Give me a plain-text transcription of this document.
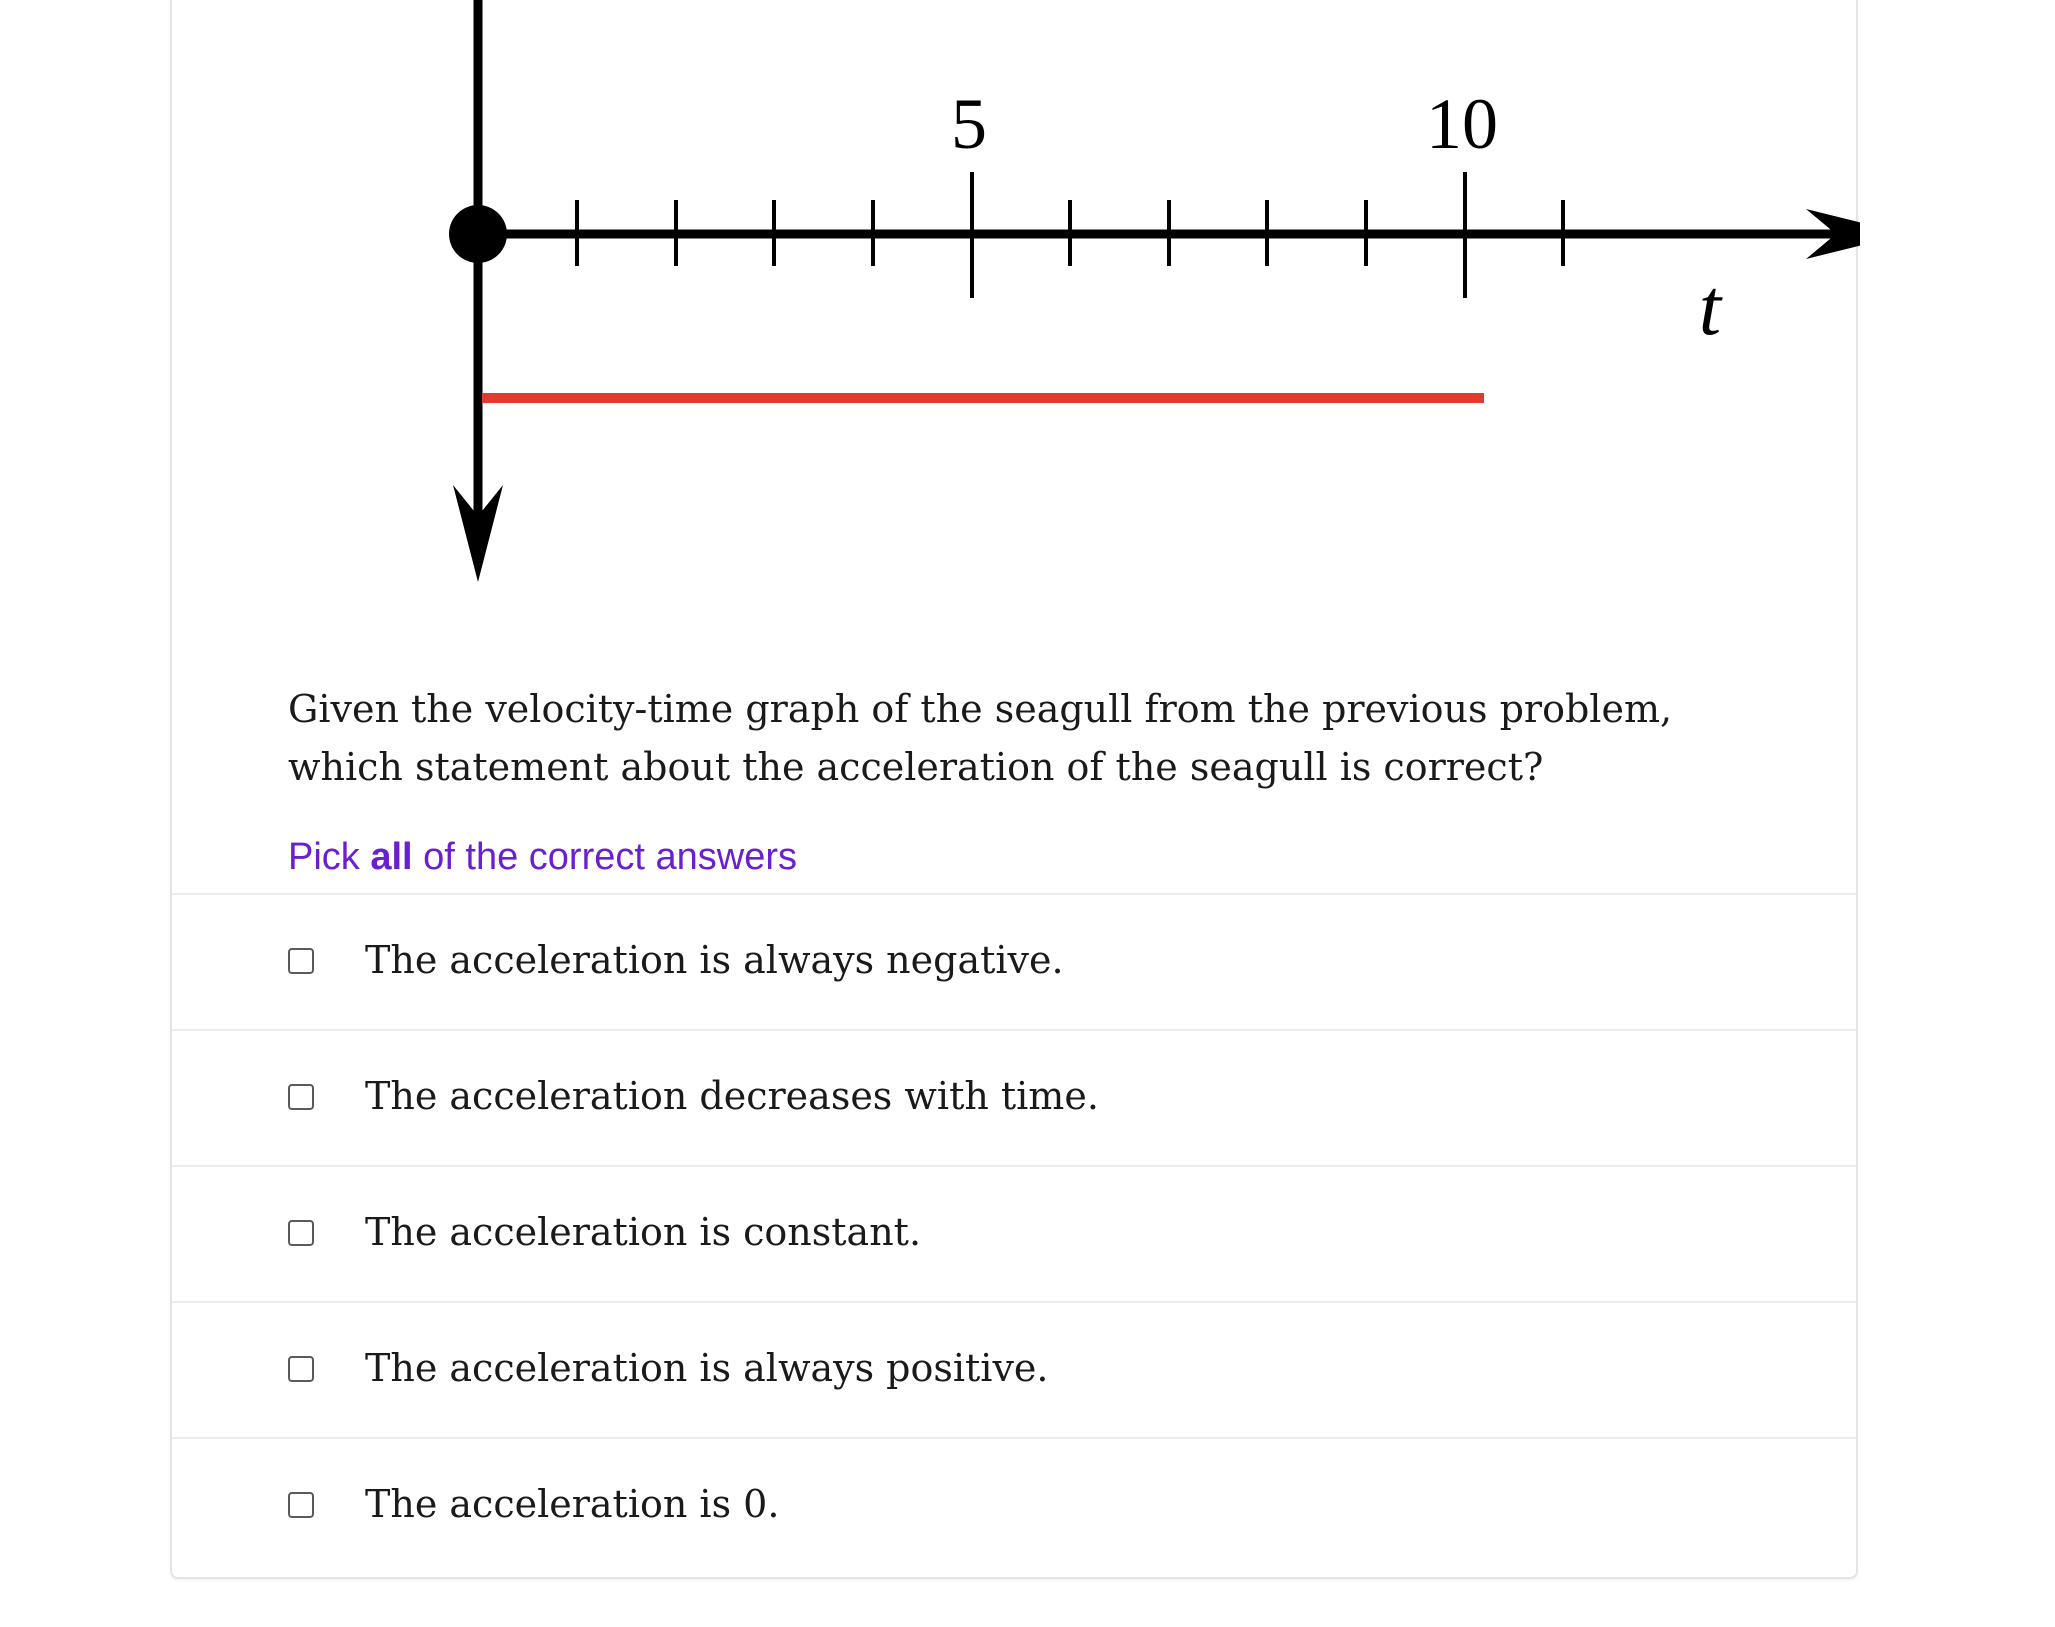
5	10
t

Given the velocity-time graph of the seagull from the previous problem, which statement about the acceleration of the seagull is correct?

Pick all of the correct answers

The acceleration is always negative.
The acceleration decreases with time.
The acceleration is constant.
The acceleration is always positive.
The acceleration is 0.
